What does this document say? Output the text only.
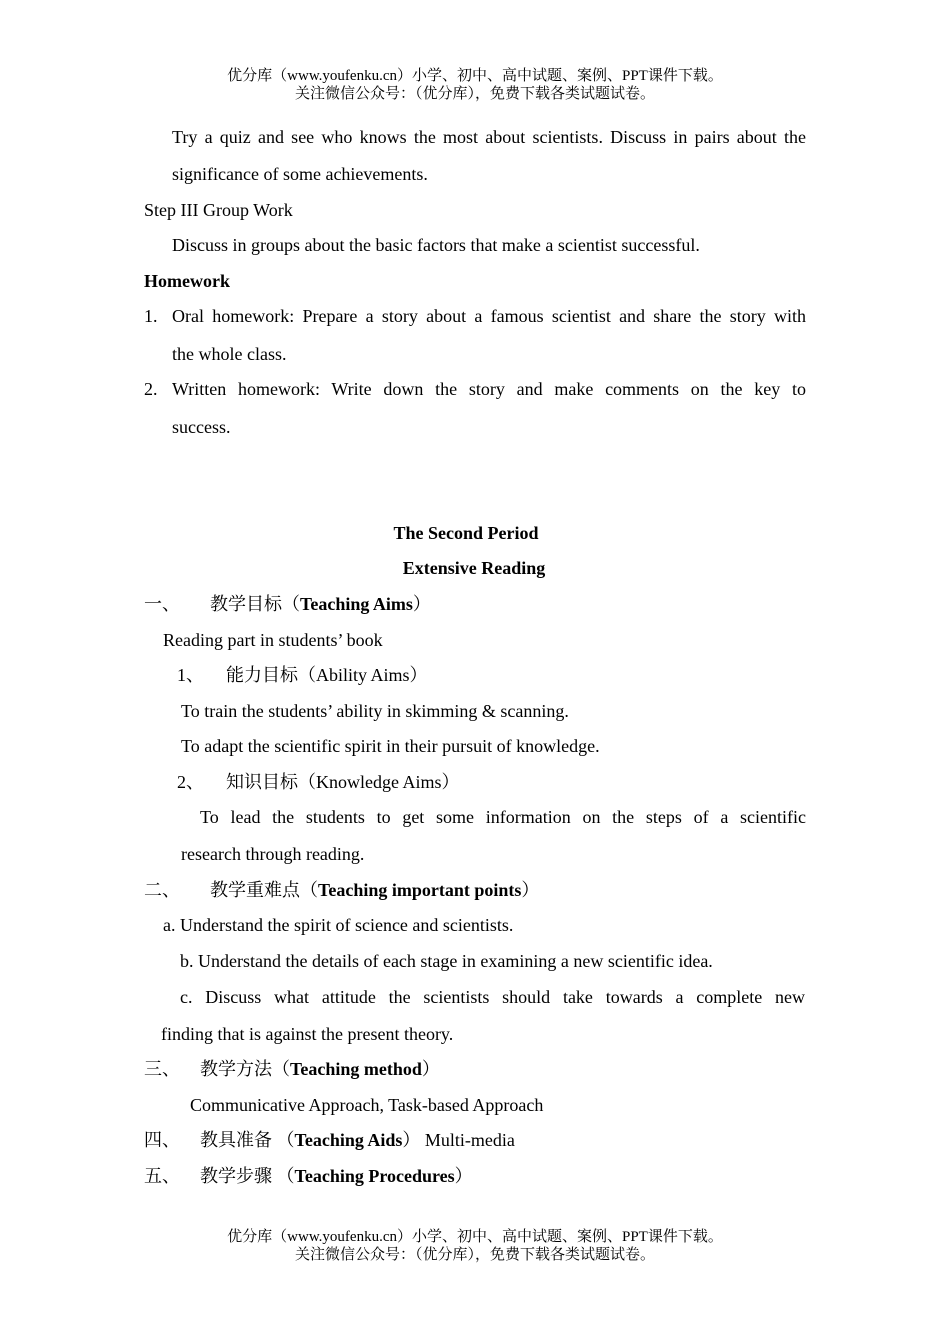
优分库（www.youfenku.cn）小学、初中、高中试题、案例、PPT课件下载。
关注微信公众号：（优分库），免费下载各类试题试卷。
Try a quiz and see who knows the most about scientists. Discuss in pairs about the
significance of some achievements.
Step III Group Work
Discuss in groups about the basic factors that make a scientist successful.
Homework
1. Oral homework: Prepare a story about a famous scientist and share the story with
the whole class.
2. Written homework: Write down the story and make comments on the key to
success.
The Second Period
Extensive Reading
一、 教学目标（Teaching Aims）
Reading part in students’ book
1、 能力目标（Ability Aims）
To train the students’ ability in skimming & scanning.
To adapt the scientific spirit in their pursuit of knowledge.
2、 知识目标（Knowledge Aims）
To lead the students to get some information on the steps of a scientific
research through reading.
二、 教学重难点（Teaching important points）
a. Understand the spirit of science and scientists.
b. Understand the details of each stage in examining a new scientific idea.
c. Discuss what attitude the scientists should take towards a complete new
finding that is against the present theory.
三、 教学方法（Teaching method）
Communicative Approach, Task-based Approach
四、 教具准备 （Teaching Aids） Multi-media
五、 教学步骤 （Teaching Procedures）
优分库（www.youfenku.cn）小学、初中、高中试题、案例、PPT课件下载。
关注微信公众号：（优分库），免费下载各类试题试卷。
